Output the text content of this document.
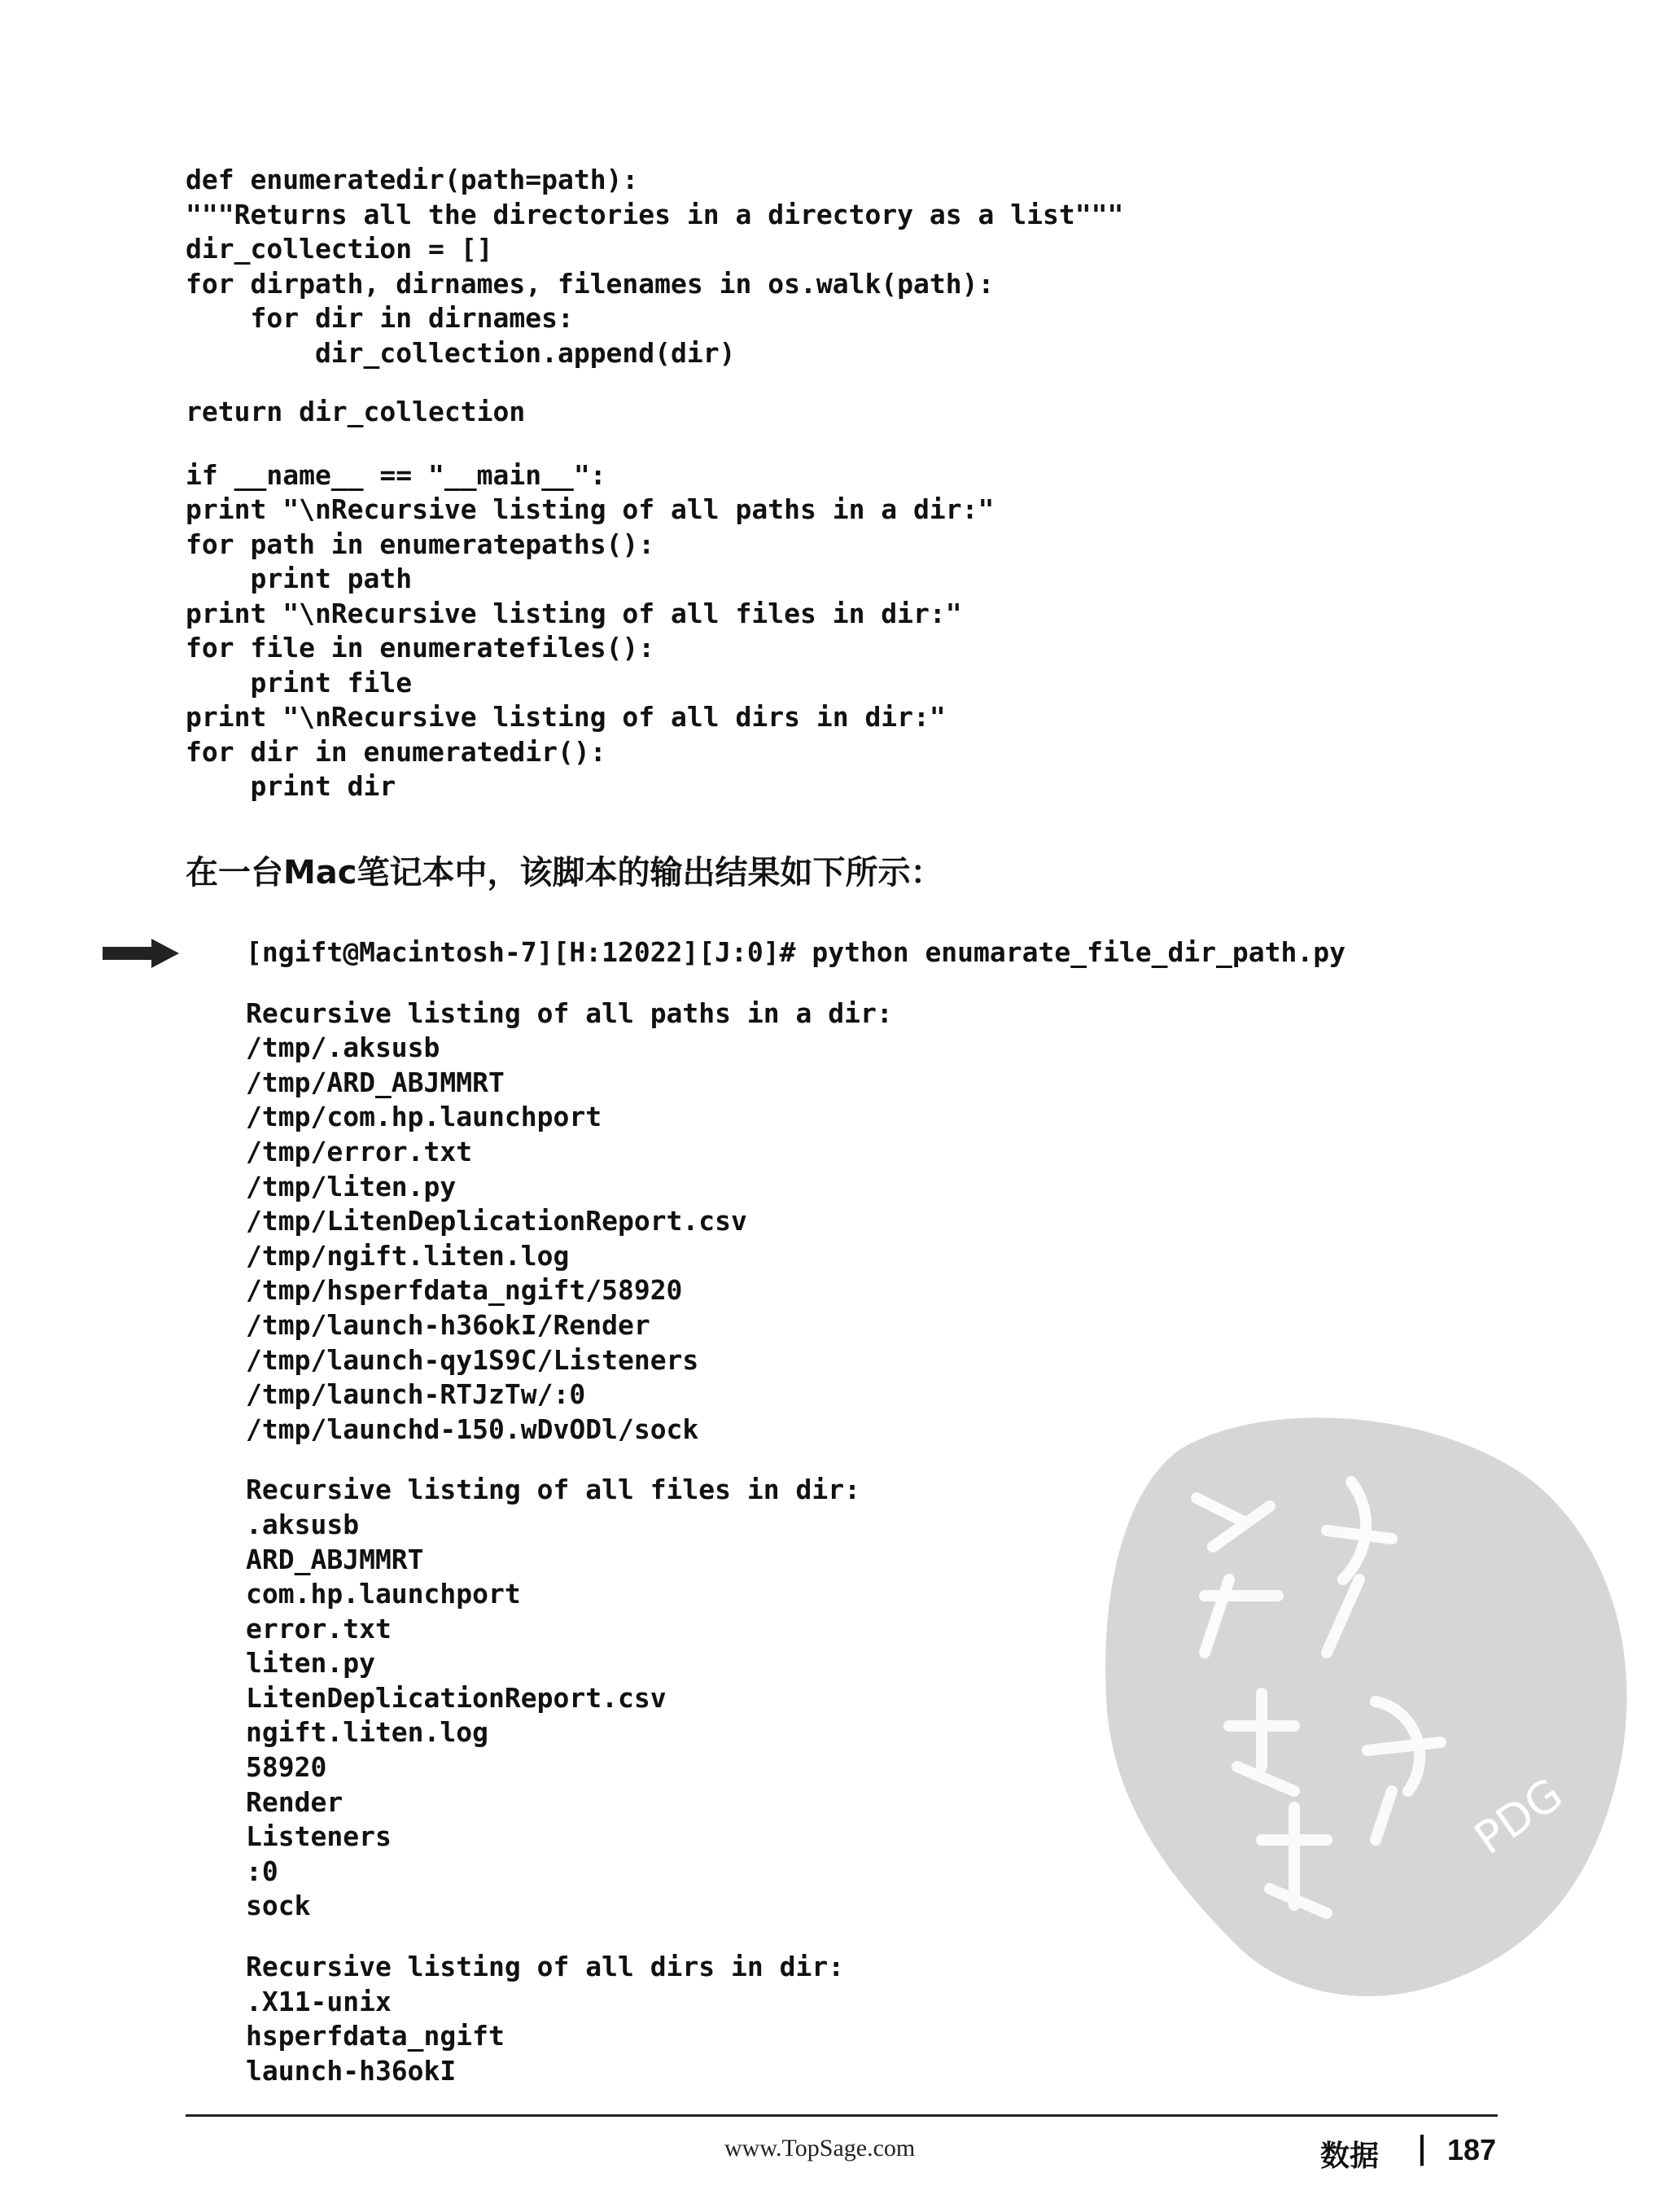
def enumeratedir(path=path):
"""Returns all the directories in a directory as a list"""
dir_collection = []
for dirpath, dirnames, filenames in os.walk(path):
for dir in dirnames:
dir_collection.append(dir)
return dir_collection
if __name__ == "__main__":
print "\nRecursive listing of all paths in a dir:"
for path in enumeratepaths():
print path
print "\nRecursive listing of all files in dir:"
for file in enumeratefiles():
print file
print "\nRecursive listing of all dirs in dir:"
for dir in enumeratedir():
print dir
在一台Mac笔记本中，该脚本的输出结果如下所示：
[ngift@Macintosh-7][H:12022][J:0]# python enumarate_file_dir_path.py
Recursive listing of all paths in a dir:
/tmp/.aksusb
/tmp/ARD_ABJMMRT
/tmp/com.hp.launchport
/tmp/error.txt
/tmp/liten.py
/tmp/LitenDeplicationReport.csv
/tmp/ngift.liten.log
/tmp/hsperfdata_ngift/58920
/tmp/launch-h36okI/Render
/tmp/launch-qy1S9C/Listeners
/tmp/launch-RTJzTw/:0
/tmp/launchd-150.wDvODl/sock
Recursive listing of all files in dir:
.aksusb
ARD_ABJMMRT
com.hp.launchport
error.txt
liten.py
LitenDeplicationReport.csv
ngift.liten.log
58920
Render
Listeners
:0
sock
Recursive listing of all dirs in dir:
.X11-unix
hsperfdata_ngift
launch-h36okI
PDG
www.TopSage.com	数据 | 187
